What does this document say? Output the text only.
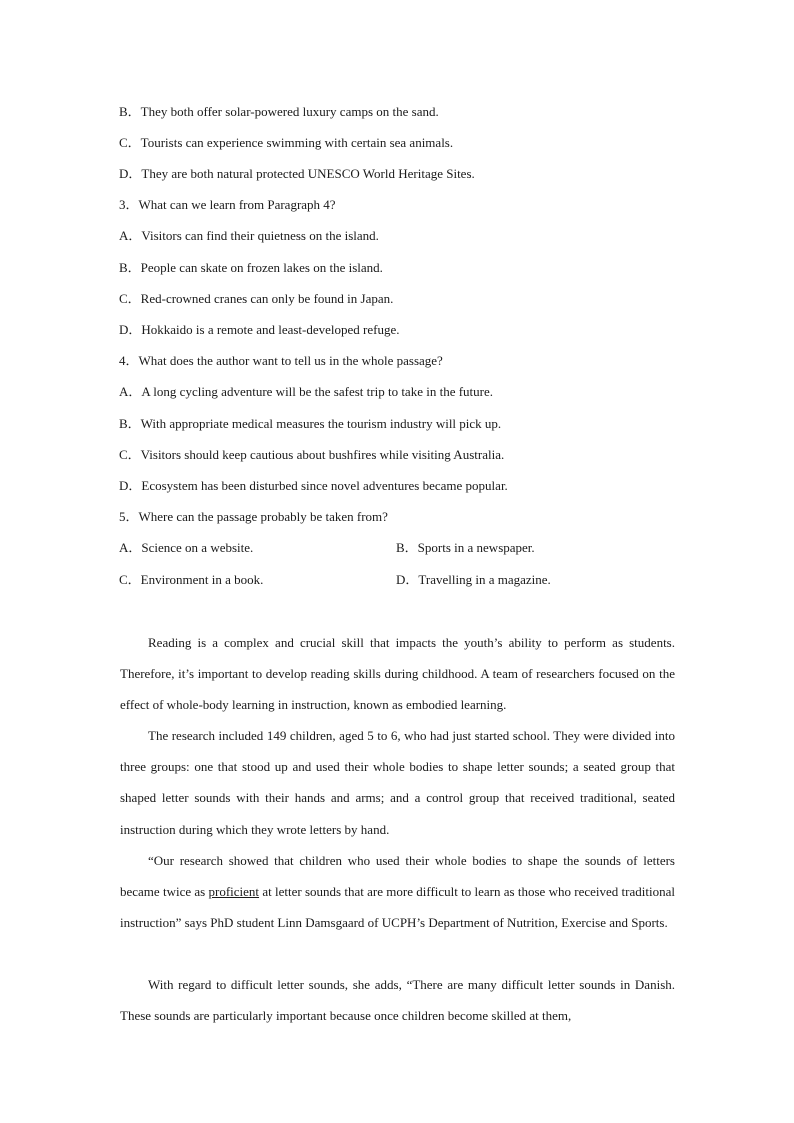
B．They both offer solar-powered luxury camps on the sand.
C．Tourists can experience swimming with certain sea animals.
D．They are both natural protected UNESCO World Heritage Sites.
3．What can we learn from Paragraph 4?
A．Visitors can find their quietness on the island.
B．People can skate on frozen lakes on the island.
C．Red-crowned cranes can only be found in Japan.
D．Hokkaido is a remote and least-developed refuge.
4．What does the author want to tell us in the whole passage?
A．A long cycling adventure will be the safest trip to take in the future.
B．With appropriate medical measures the tourism industry will pick up.
C．Visitors should keep cautious about bushfires while visiting Australia.
D．Ecosystem has been disturbed since novel adventures became popular.
5．Where can the passage probably be taken from?
A．Science on a website.	B．Sports in a newspaper.
C．Environment in a book.	D．Travelling in a magazine.

Reading is a complex and crucial skill that impacts the youth’s ability to perform as students. Therefore, it’s important to develop reading skills during childhood. A team of researchers focused on the effect of whole-body learning in instruction, known as embodied learning.

The research included 149 children, aged 5 to 6, who had just started school. They were divided into three groups: one that stood up and used their whole bodies to shape letter sounds; a seated group that shaped letter sounds with their hands and arms; and a control group that received traditional, seated instruction during which they wrote letters by hand.

“Our research showed that children who used their whole bodies to shape the sounds of letters became twice as proficient at letter sounds that are more difficult to learn as those who received traditional instruction” says PhD student Linn Damsgaard of UCPH’s Department of Nutrition, Exercise and Sports.

With regard to difficult letter sounds, she adds, “There are many difficult letter sounds in Danish. These sounds are particularly important because once children become skilled at them,
